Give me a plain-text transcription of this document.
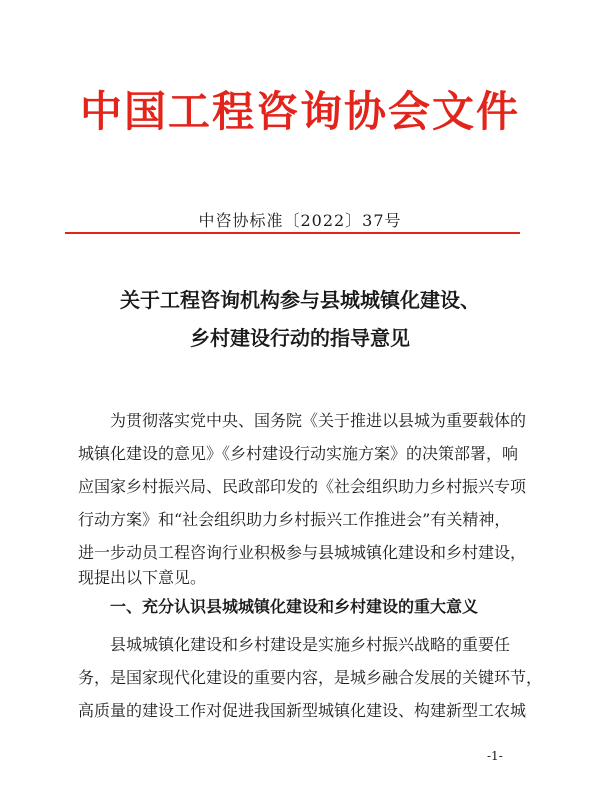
中国工程咨询协会文件
中咨协标准〔2022〕37号
关于工程咨询机构参与县城城镇化建设、
乡村建设行动的指导意见
为贯彻落实党中央、国务院《关于推进以县城为重要载体的
城镇化建设的意见》《乡村建设行动实施方案》的决策部署，响
应国家乡村振兴局、民政部印发的《社会组织助力乡村振兴专项
行动方案》和“社会组织助力乡村振兴工作推进会”有关精神，
进一步动员工程咨询行业积极参与县城城镇化建设和乡村建设，
现提出以下意见。
一、充分认识县城城镇化建设和乡村建设的重大意义
县城城镇化建设和乡村建设是实施乡村振兴战略的重要任
务，是国家现代化建设的重要内容，是城乡融合发展的关键环节，
高质量的建设工作对促进我国新型城镇化建设、构建新型工农城
-1-
